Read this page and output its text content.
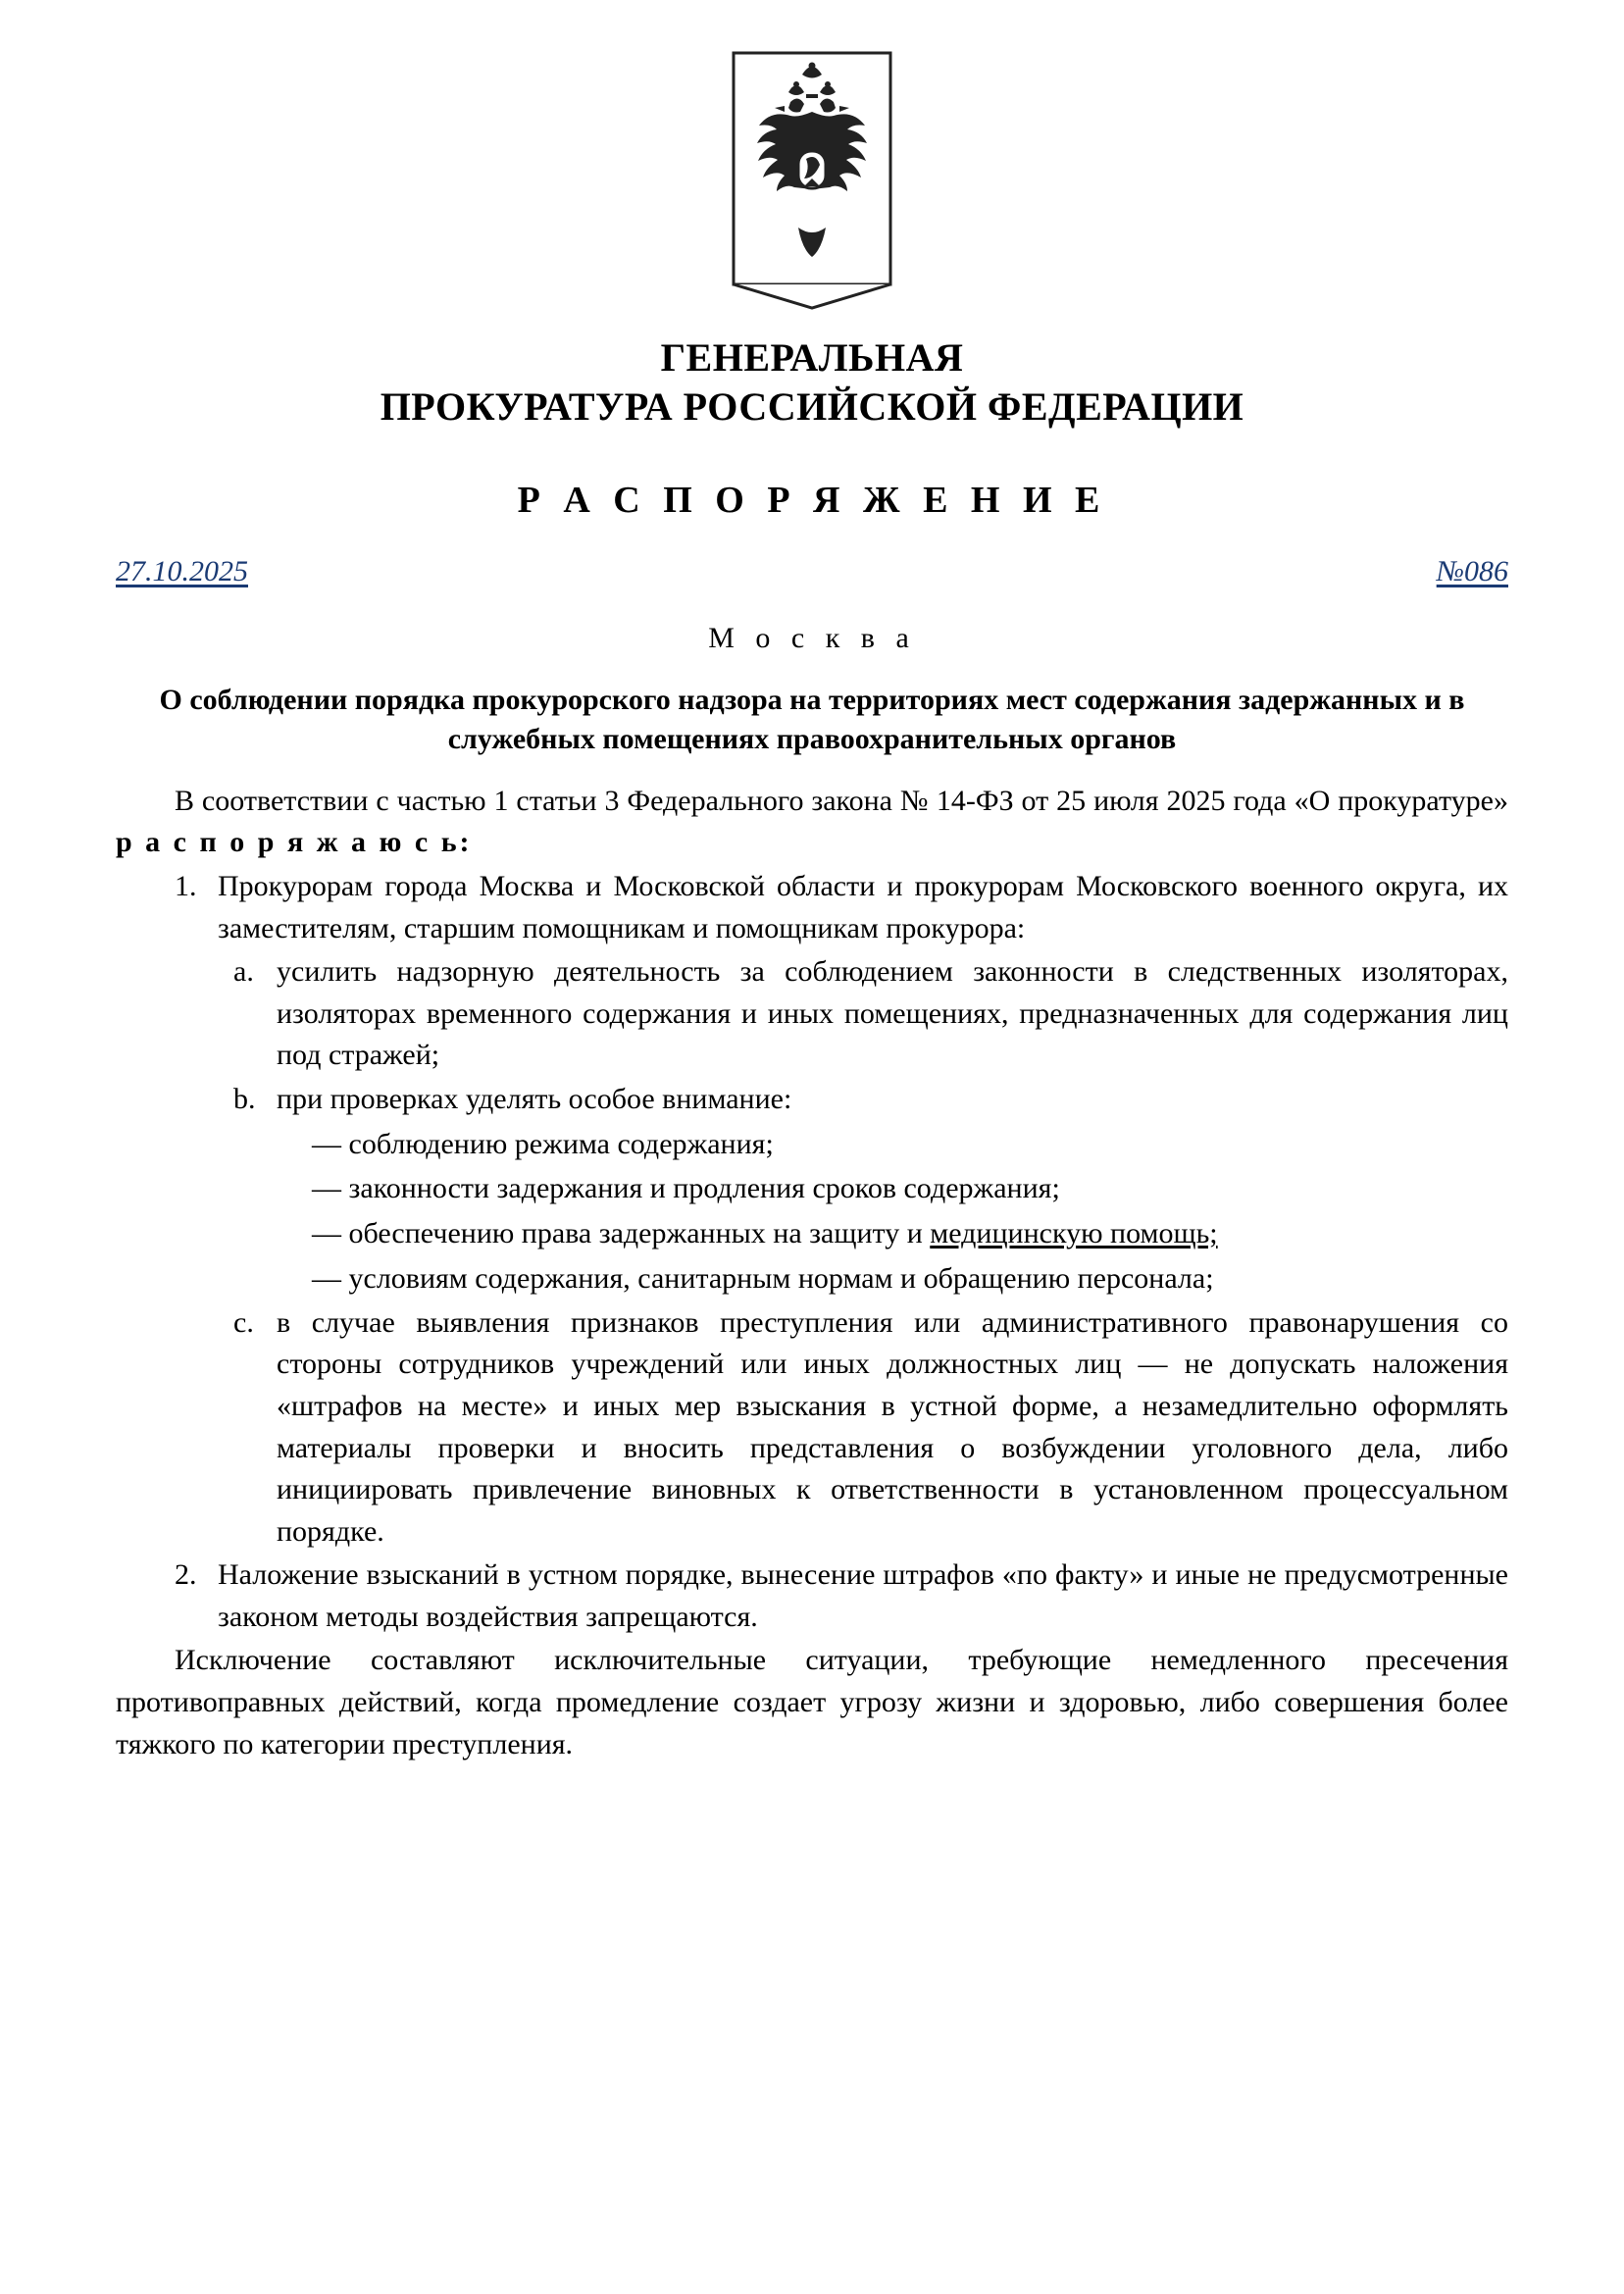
ГЕНЕРАЛЬНАЯ
ПРОКУРАТУРА РОССИЙСКОЙ ФЕДЕРАЦИИ
Р А С П О Р Я Ж Е Н И Е
27.10.2025	№086
М о с к в а
О соблюдении порядка прокурорского надзора на территориях мест содержания задержанных и в служебных помещениях правоохранительных органов

В соответствии с частью 1 статьи 3 Федерального закона № 14-ФЗ от 25 июля 2025 года «О прокуратуре» р а с п о р я ж а ю с ь:

1. Прокурорам города Москва и Московской области и прокурорам Московского военного округа, их заместителям, старшим помощникам и помощникам прокурора:
a. усилить надзорную деятельность за соблюдением законности в следственных изоляторах, изоляторах временного содержания и иных помещениях, предназначенных для содержания лиц под стражей;
b. при проверках уделять особое внимание:
— соблюдению режима содержания;
— законности задержания и продления сроков содержания;
— обеспечению права задержанных на защиту и медицинскую помощь;
— условиям содержания, санитарным нормам и обращению персонала;
c. в случае выявления признаков преступления или административного правонарушения со стороны сотрудников учреждений или иных должностных лиц — не допускать наложения «штрафов на месте» и иных мер взыскания в устной форме, а незамедлительно оформлять материалы проверки и вносить представления о возбуждении уголовного дела, либо инициировать привлечение виновных к ответственности в установленном процессуальном порядке.
2. Наложение взысканий в устном порядке, вынесение штрафов «по факту» и иные не предусмотренные законом методы воздействия запрещаются.

Исключение составляют исключительные ситуации, требующие немедленного пресечения противоправных действий, когда промедление создает угрозу жизни и здоровью, либо совершения более тяжкого по категории преступления.
